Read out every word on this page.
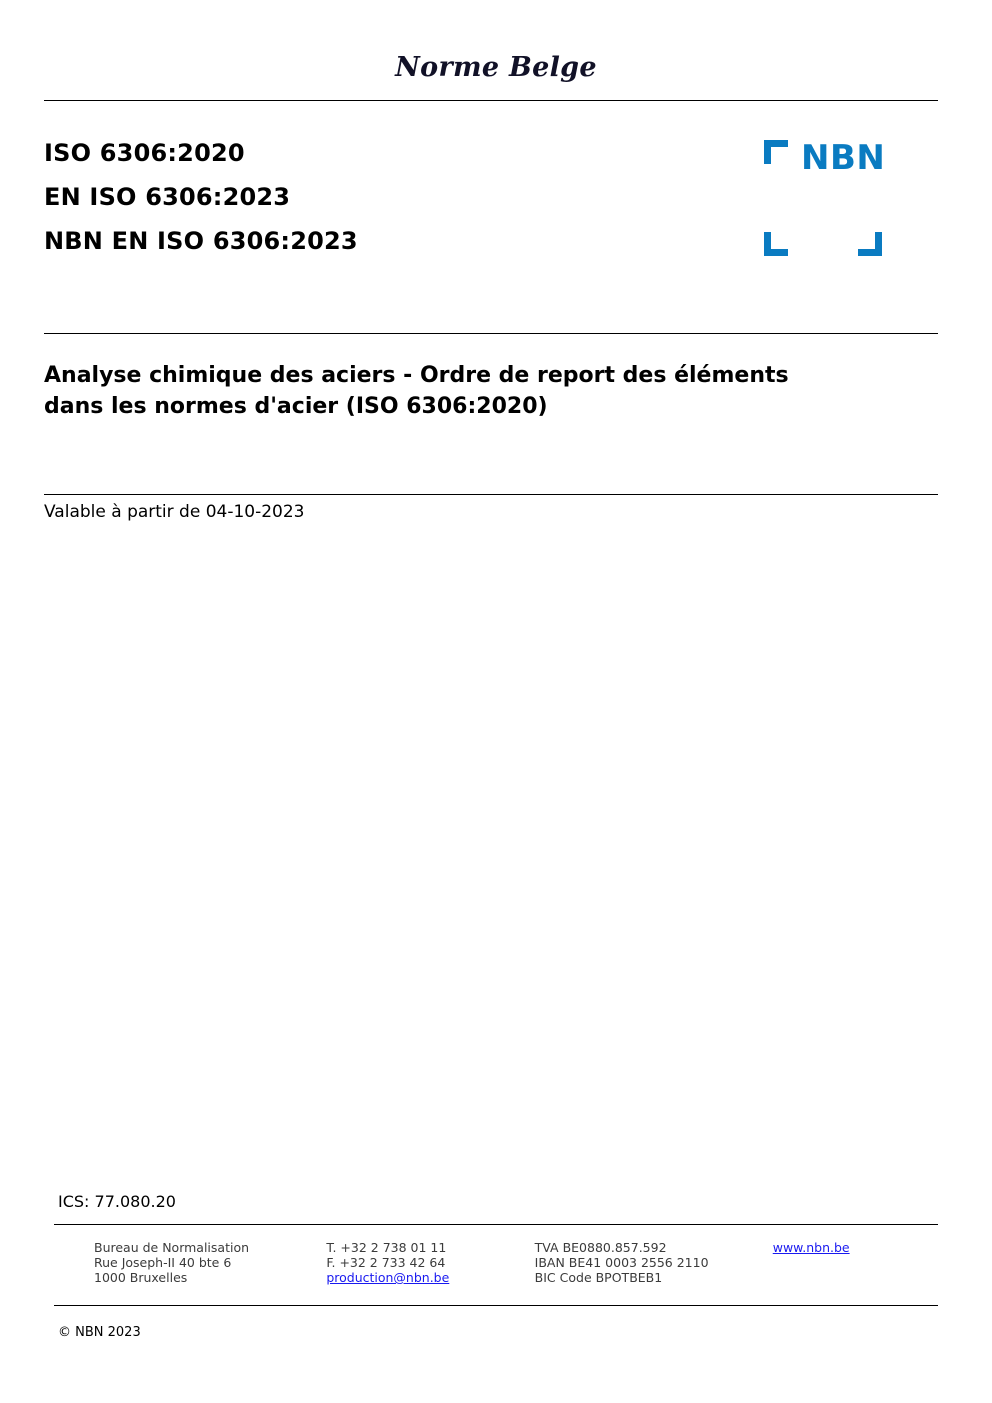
Norme Belge
ISO 6306:2020
EN ISO 6306:2023
NBN EN ISO 6306:2023
NBN
Analyse chimique des aciers - Ordre de report des éléments
dans les normes d'acier (ISO 6306:2020)
Valable à partir de 04-10-2023
ICS: 77.080.20
Bureau de Normalisation
Rue Joseph-II 40 bte 6
1000 Bruxelles
T. +32 2 738 01 11
F. +32 2 733 42 64
production@nbn.be
TVA BE0880.857.592
IBAN BE41 0003 2556 2110
BIC Code BPOTBEB1
www.nbn.be
© NBN 2023
